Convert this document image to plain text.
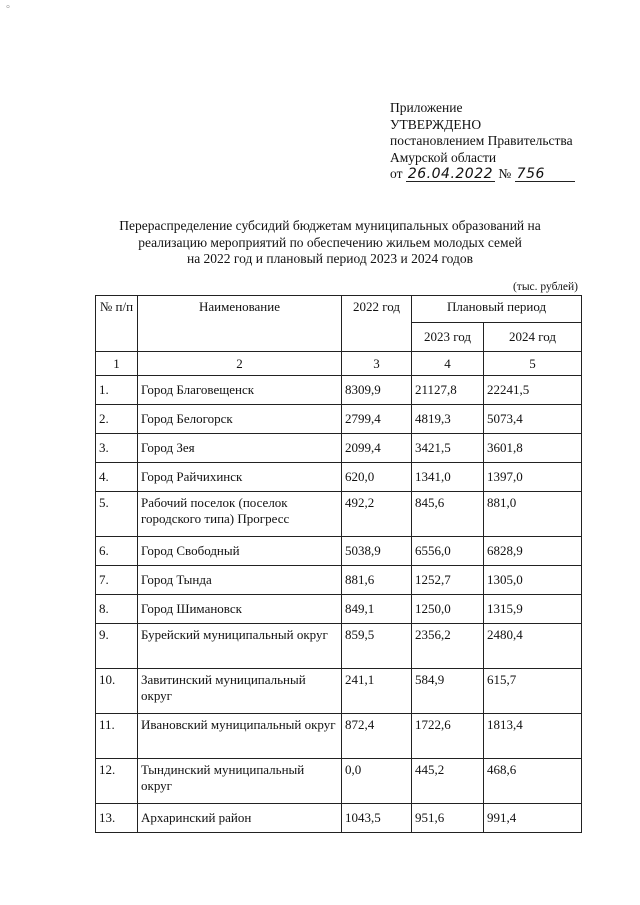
°
Приложение
УТВЕРЖДЕНО
постановлением Правительства
Амурской области
от 26.04.2022 № 756
Перераспределение субсидий бюджетам муниципальных образований на
реализацию мероприятий по обеспечению жильем молодых семей
на 2022 год и плановый период 2023 и 2024 годов
(тыс. рублей)
№ п/п	Наименование	2022 год	Плановый период	
			2023 год	2024 год
1	2	3	4	5
1.	Город Благовещенск	8309,9	21127,8	22241,5
2.	Город Белогорск	2799,4	4819,3	5073,4
3.	Город Зея	2099,4	3421,5	3601,8
4.	Город Райчихинск	620,0	1341,0	1397,0
5.	Рабочий поселок (поселок городского типа) Прогресс	492,2	845,6	881,0
6.	Город Свободный	5038,9	6556,0	6828,9
7.	Город Тында	881,6	1252,7	1305,0
8.	Город Шимановск	849,1	1250,0	1315,9
9.	Бурейский муниципальный округ	859,5	2356,2	2480,4
10.	Завитинский муниципальный округ	241,1	584,9	615,7
11.	Ивановский муниципальный округ	872,4	1722,6	1813,4
12.	Тындинский муниципальный округ	0,0	445,2	468,6
13.	Архаринский район	1043,5	951,6	991,4
